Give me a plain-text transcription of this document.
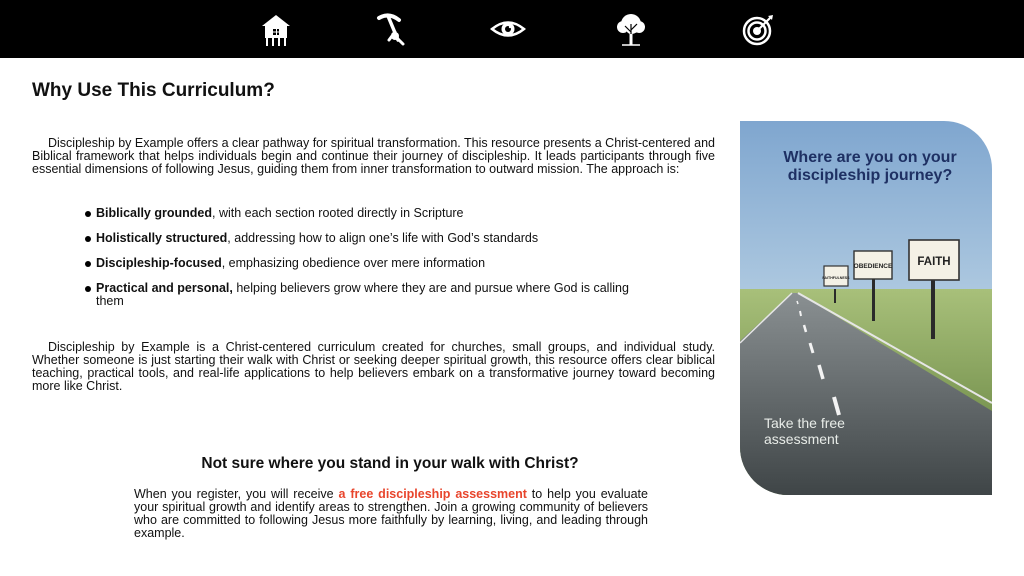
Why Use This Curriculum?

Discipleship by Example offers a clear pathway for spiritual transformation. This resource presents a Christ-centered and Biblical framework that helps individuals begin and continue their journey of discipleship. It leads participants through five essential dimensions of following Jesus, guiding them from inner transformation to outward mission. The approach is:

Biblically grounded, with each section rooted directly in Scripture
Holistically structured, addressing how to align one’s life with God’s standards
Discipleship-focused, emphasizing obedience over mere information
Practical and personal, helping believers grow where they are and pursue where God is calling them

Discipleship by Example is a Christ-centered curriculum created for churches, small groups, and individual study. Whether someone is just starting their walk with Christ or seeking deeper spiritual growth, this resource offers clear biblical teaching, practical tools, and real-life applications to help believers embark on a transformative journey toward becoming more like Christ.

Not sure where you stand in your walk with Christ?

When you register, you will receive a free discipleship assessment to help you evaluate your spiritual growth and identify areas to strengthen. Join a growing community of believers who are committed to following Jesus more faithfully by learning, living, and leading through example.

FAITHFULNESS
OBEDIENCE FAITH

Where are you on your discipleship journey?

Take the free assessment
